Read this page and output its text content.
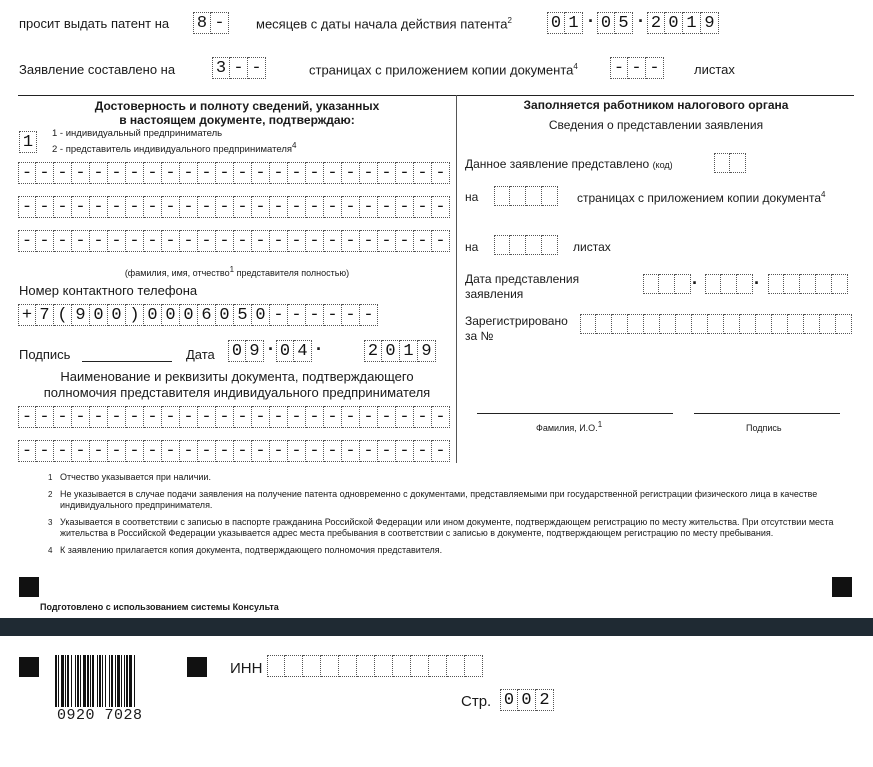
просит выдать патент на 8 -	месяцев с даты начала действия патента$^2$ 0 1 · 0 5 · 2 0 1 9
Заявление составлено на 3 - -	страницах с приложением копии документа$^4$ - - -	листах
Достоверность и полноту сведений, указанных
в настоящем документе, подтверждаю:
1	1 - индивидуальный предприниматель
2 - представитель индивидуального предпринимателя$^4$
- - - - - - - - - - - - - - - - - - - - - - - -
- - - - - - - - - - - - - - - - - - - - - - - -
- - - - - - - - - - - - - - - - - - - - - - - -
(фамилия, имя, отчество$^1$ представителя полностью)
Номер контактного телефона
+ 7 ( 9 0 0 ) 0 0 0 6 0 5 0 - - - - - -
Подпись	Дата 0 9 · 0 4 ·	2 0 1 9
Наименование и реквизиты документа, подтверждающего
полномочия представителя индивидуального предпринимателя
- - - - - - - - - - - - - - - - - - - - - - - -
- - - - - - - - - - - - - - - - - - - - - - - -
Заполняется работником налогового органа
Сведения о представлении заявления
Данное заявление представлено (код)
на	страницах с приложением копии документа$^4$
на	листах
Дата представления
заявления
·	·
Зарегистрировано
за №
Фамилия, И.О.$^1$	Подпись
1 Отчество указывается при наличии.
2 Не указывается в случае подачи заявления на получение патента одновременно с документами, представляемыми при государственной регистрации физического лица в качестве индивидуального предпринимателя.
3 Указывается в соответствии с записью в паспорте гражданина Российской Федерации или ином документе, подтверждающем регистрацию по месту жительства. При отсутствии места жительства в Российской Федерации указывается адрес места пребывания в соответствии с записью в документе, подтверждающем регистрацию по месту пребывания.
4 К заявлению прилагается копия документа, подтверждающего полномочия представителя.
Подготовлено с использованием системы Консульта
0920 7028
ИНН
Стр. 0 0 2
